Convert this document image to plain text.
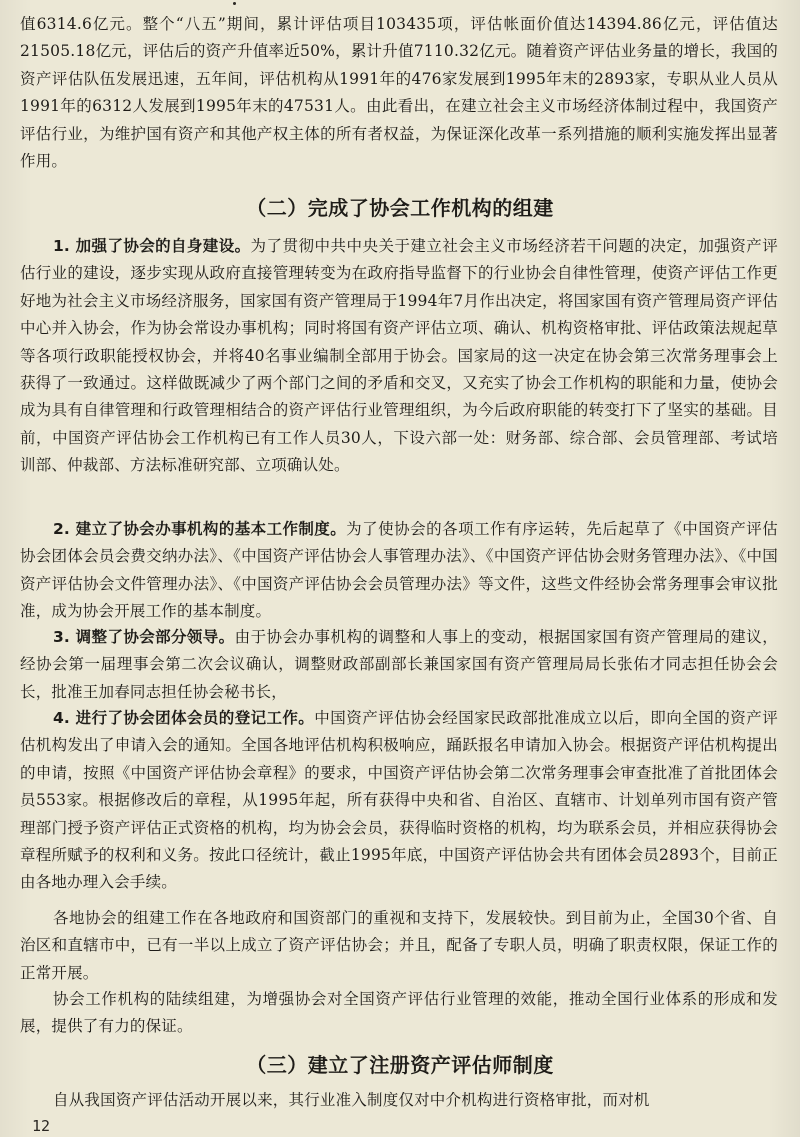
值6314.6亿元。整个“八五”期间，累计评估项目103435项，评估帐面价值达14394.86亿元，评估值达21505.18亿元，评估后的资产升值率近50%，累计升值7110.32亿元。随着资产评估业务量的增长，我国的资产评估队伍发展迅速，五年间，评估机构从1991年的476家发展到1995年末的2893家，专职从业人员从1991年的6312人发展到1995年末的47531人。由此看出，在建立社会主义市场经济体制过程中，我国资产评估行业，为维护国有资产和其他产权主体的所有者权益，为保证深化改革一系列措施的顺利实施发挥出显著作用。

（二）完成了协会工作机构的组建

1. 加强了协会的自身建设。为了贯彻中共中央关于建立社会主义市场经济若干问题的决定，加强资产评估行业的建设，逐步实现从政府直接管理转变为在政府指导监督下的行业协会自律性管理，使资产评估工作更好地为社会主义市场经济服务，国家国有资产管理局于1994年7月作出决定，将国家国有资产管理局资产评估中心并入协会，作为协会常设办事机构；同时将国有资产评估立项、确认、机构资格审批、评估政策法规起草等各项行政职能授权协会，并将40名事业编制全部用于协会。国家局的这一决定在协会第三次常务理事会上获得了一致通过。这样做既减少了两个部门之间的矛盾和交叉，又充实了协会工作机构的职能和力量，使协会成为具有自律管理和行政管理相结合的资产评估行业管理组织，为今后政府职能的转变打下了坚实的基础。目前，中国资产评估协会工作机构已有工作人员30人，下设六部一处：财务部、综合部、会员管理部、考试培训部、仲裁部、方法标准研究部、立项确认处。

2. 建立了协会办事机构的基本工作制度。为了使协会的各项工作有序运转，先后起草了《中国资产评估协会团体会员会费交纳办法》、《中国资产评估协会人事管理办法》、《中国资产评估协会财务管理办法》、《中国资产评估协会文件管理办法》、《中国资产评估协会会员管理办法》等文件，这些文件经协会常务理事会审议批准，成为协会开展工作的基本制度。

3. 调整了协会部分领导。由于协会办事机构的调整和人事上的变动，根据国家国有资产管理局的建议，经协会第一届理事会第二次会议确认，调整财政部副部长兼国家国有资产管理局局长张佑才同志担任协会会长，批准王加春同志担任协会秘书长，

4. 进行了协会团体会员的登记工作。中国资产评估协会经国家民政部批准成立以后，即向全国的资产评估机构发出了申请入会的通知。全国各地评估机构积极响应，踊跃报名申请加入协会。根据资产评估机构提出的申请，按照《中国资产评估协会章程》的要求，中国资产评估协会第二次常务理事会审查批准了首批团体会员553家。根据修改后的章程，从1995年起，所有获得中央和省、自治区、直辖市、计划单列市国有资产管理部门授予资产评估正式资格的机构，均为协会会员，获得临时资格的机构，均为联系会员，并相应获得协会章程所赋予的权利和义务。按此口径统计，截止1995年底，中国资产评估协会共有团体会员2893个，目前正由各地办理入会手续。

各地协会的组建工作在各地政府和国资部门的重视和支持下，发展较快。到目前为止，全国30个省、自治区和直辖市中，已有一半以上成立了资产评估协会；并且，配备了专职人员，明确了职责权限，保证工作的正常开展。

协会工作机构的陆续组建，为增强协会对全国资产评估行业管理的效能，推动全国行业体系的形成和发展，提供了有力的保证。

（三）建立了注册资产评估师制度

自从我国资产评估活动开展以来，其行业准入制度仅对中介机构进行资格审批，而对机

12
